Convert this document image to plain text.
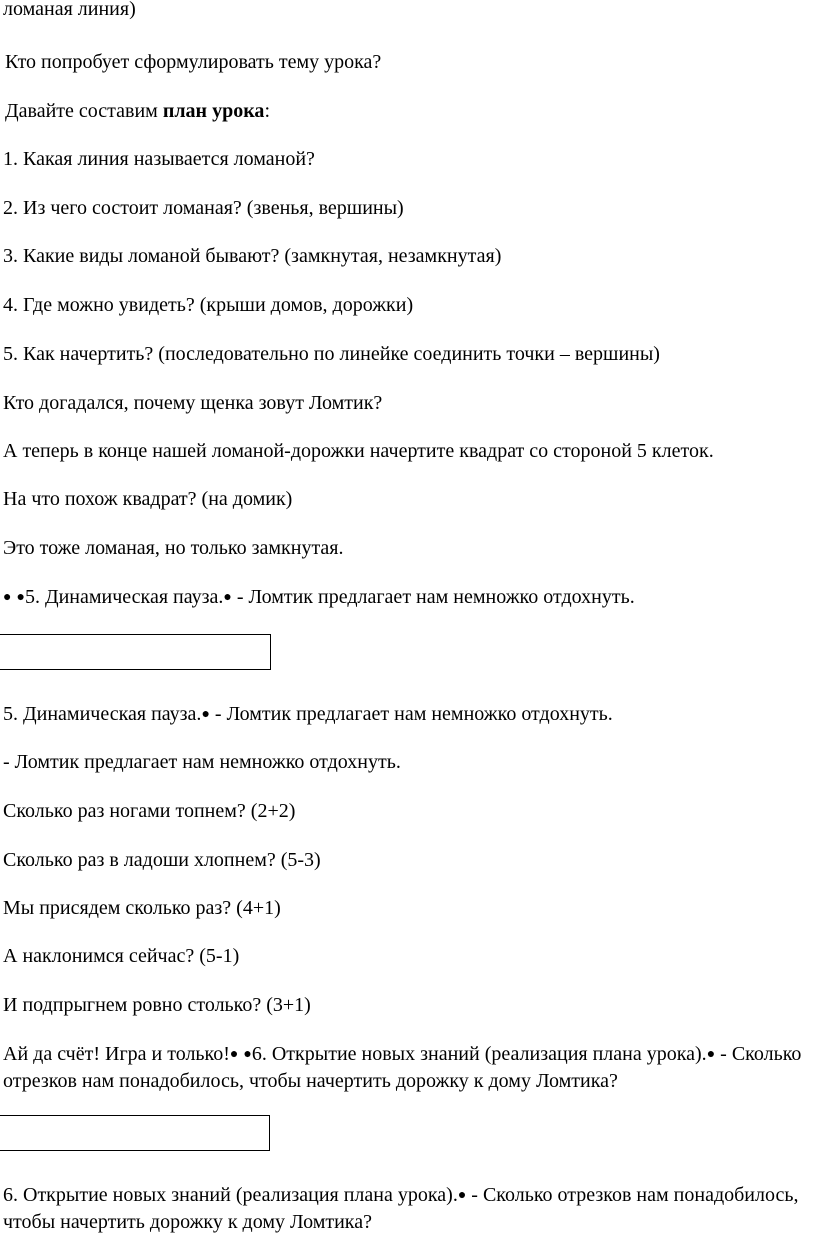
ломаная линия)
Кто попробует сформулировать тему урока?
Давайте составим план урока:
1. Какая линия называется ломаной?
2. Из чего состоит ломаная? (звенья, вершины)
3. Какие виды ломаной бывают? (замкнутая, незамкнутая)
4. Где можно увидеть? (крыши домов, дорожки)
5. Как начертить? (последовательно по линейке соединить точки – вершины)
Кто догадался, почему щенка зовут Ломтик?
А теперь в конце нашей ломаной-дорожки начертите квадрат со стороной 5 клеток.
На что похож квадрат? (на домик)
Это тоже ломаная, но только замкнутая.
● ●5. Динамическая пауза.● - Ломтик предлагает нам немножко отдохнуть.
5. Динамическая пауза.● - Ломтик предлагает нам немножко отдохнуть.
- Ломтик предлагает нам немножко отдохнуть.
Сколько раз ногами топнем? (2+2)
Сколько раз в ладоши хлопнем? (5-3)
Мы присядем сколько раз? (4+1)
А наклонимся сейчас? (5-1)
И подпрыгнем ровно столько? (3+1)
Ай да счёт! Игра и только!● ●6. Открытие новых знаний (реализация плана урока).● - Сколько отрезков нам понадобилось, чтобы начертить дорожку к дому Ломтика?
6. Открытие новых знаний (реализация плана урока).● - Сколько отрезков нам понадобилось, чтобы начертить дорожку к дому Ломтика?
